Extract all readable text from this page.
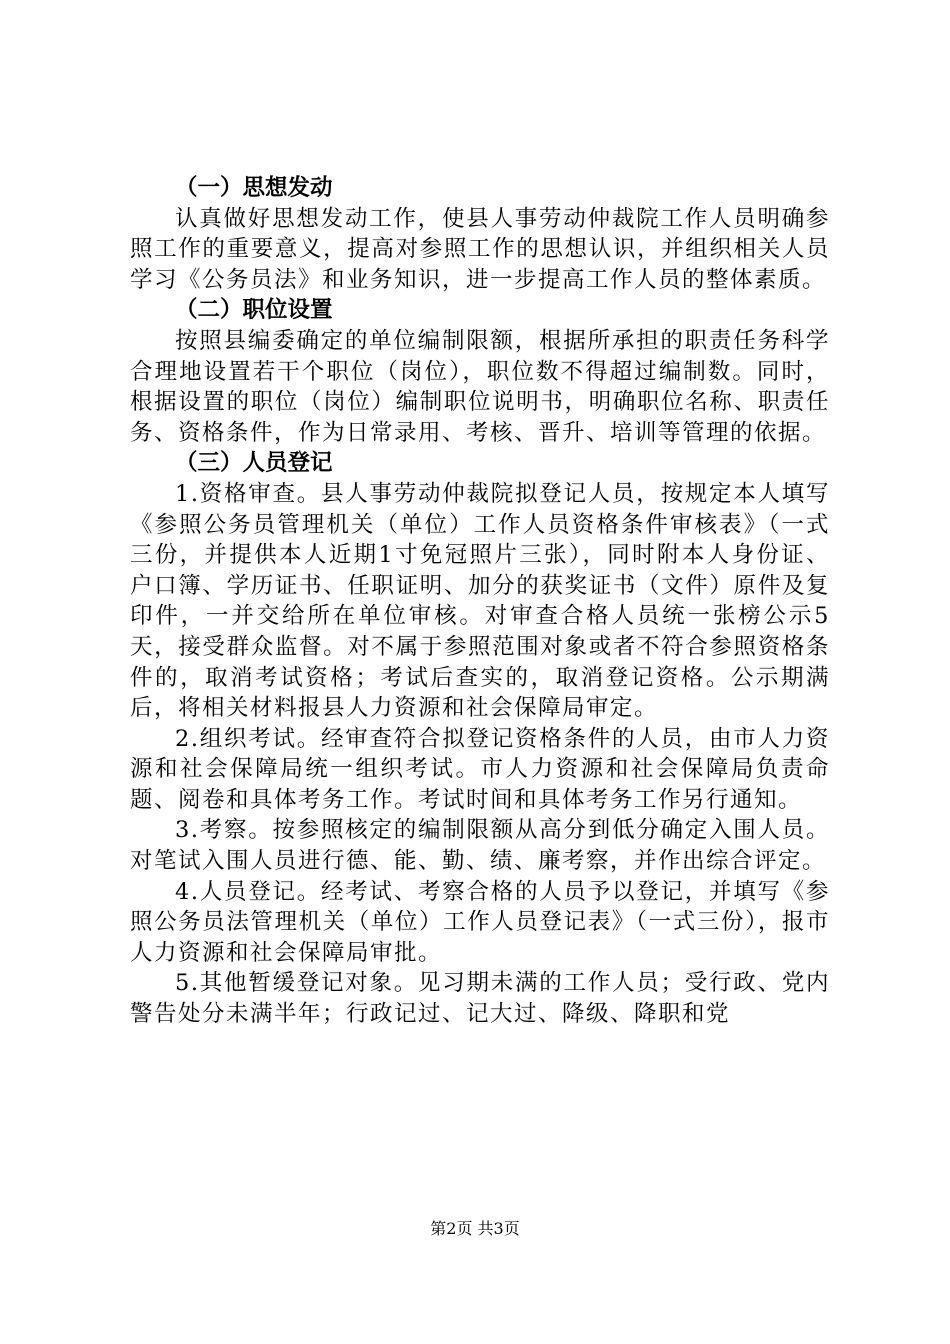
（一）思想发动

认真做好思想发动工作，使县人事劳动仲裁院工作人员明确参照工作的重要意义，提高对参照工作的思想认识，并组织相关人员学习《公务员法》和业务知识，进一步提高工作人员的整体素质。

（二）职位设置

按照县编委确定的单位编制限额，根据所承担的职责任务科学合理地设置若干个职位（岗位），职位数不得超过编制数。同时，根据设置的职位（岗位）编制职位说明书，明确职位名称、职责任务、资格条件，作为日常录用、考核、晋升、培训等管理的依据。

（三）人员登记

1.资格审查。县人事劳动仲裁院拟登记人员，按规定本人填写《参照公务员管理机关（单位）工作人员资格条件审核表》（一式三份，并提供本人近期1寸免冠照片三张），同时附本人身份证、户口簿、学历证书、任职证明、加分的获奖证书（文件）原件及复印件，一并交给所在单位审核。对审查合格人员统一张榜公示5天，接受群众监督。对不属于参照范围对象或者不符合参照资格条件的，取消考试资格；考试后查实的，取消登记资格。公示期满后，将相关材料报县人力资源和社会保障局审定。

2.组织考试。经审查符合拟登记资格条件的人员，由市人力资源和社会保障局统一组织考试。市人力资源和社会保障局负责命题、阅卷和具体考务工作。考试时间和具体考务工作另行通知。

3.考察。按参照核定的编制限额从高分到低分确定入围人员。对笔试入围人员进行德、能、勤、绩、廉考察，并作出综合评定。

4.人员登记。经考试、考察合格的人员予以登记，并填写《参照公务员法管理机关（单位）工作人员登记表》（一式三份），报市人力资源和社会保障局审批。

5.其他暂缓登记对象。见习期未满的工作人员；受行政、党内警告处分未满半年；行政记过、记大过、降级、降职和党

第2页 共3页
